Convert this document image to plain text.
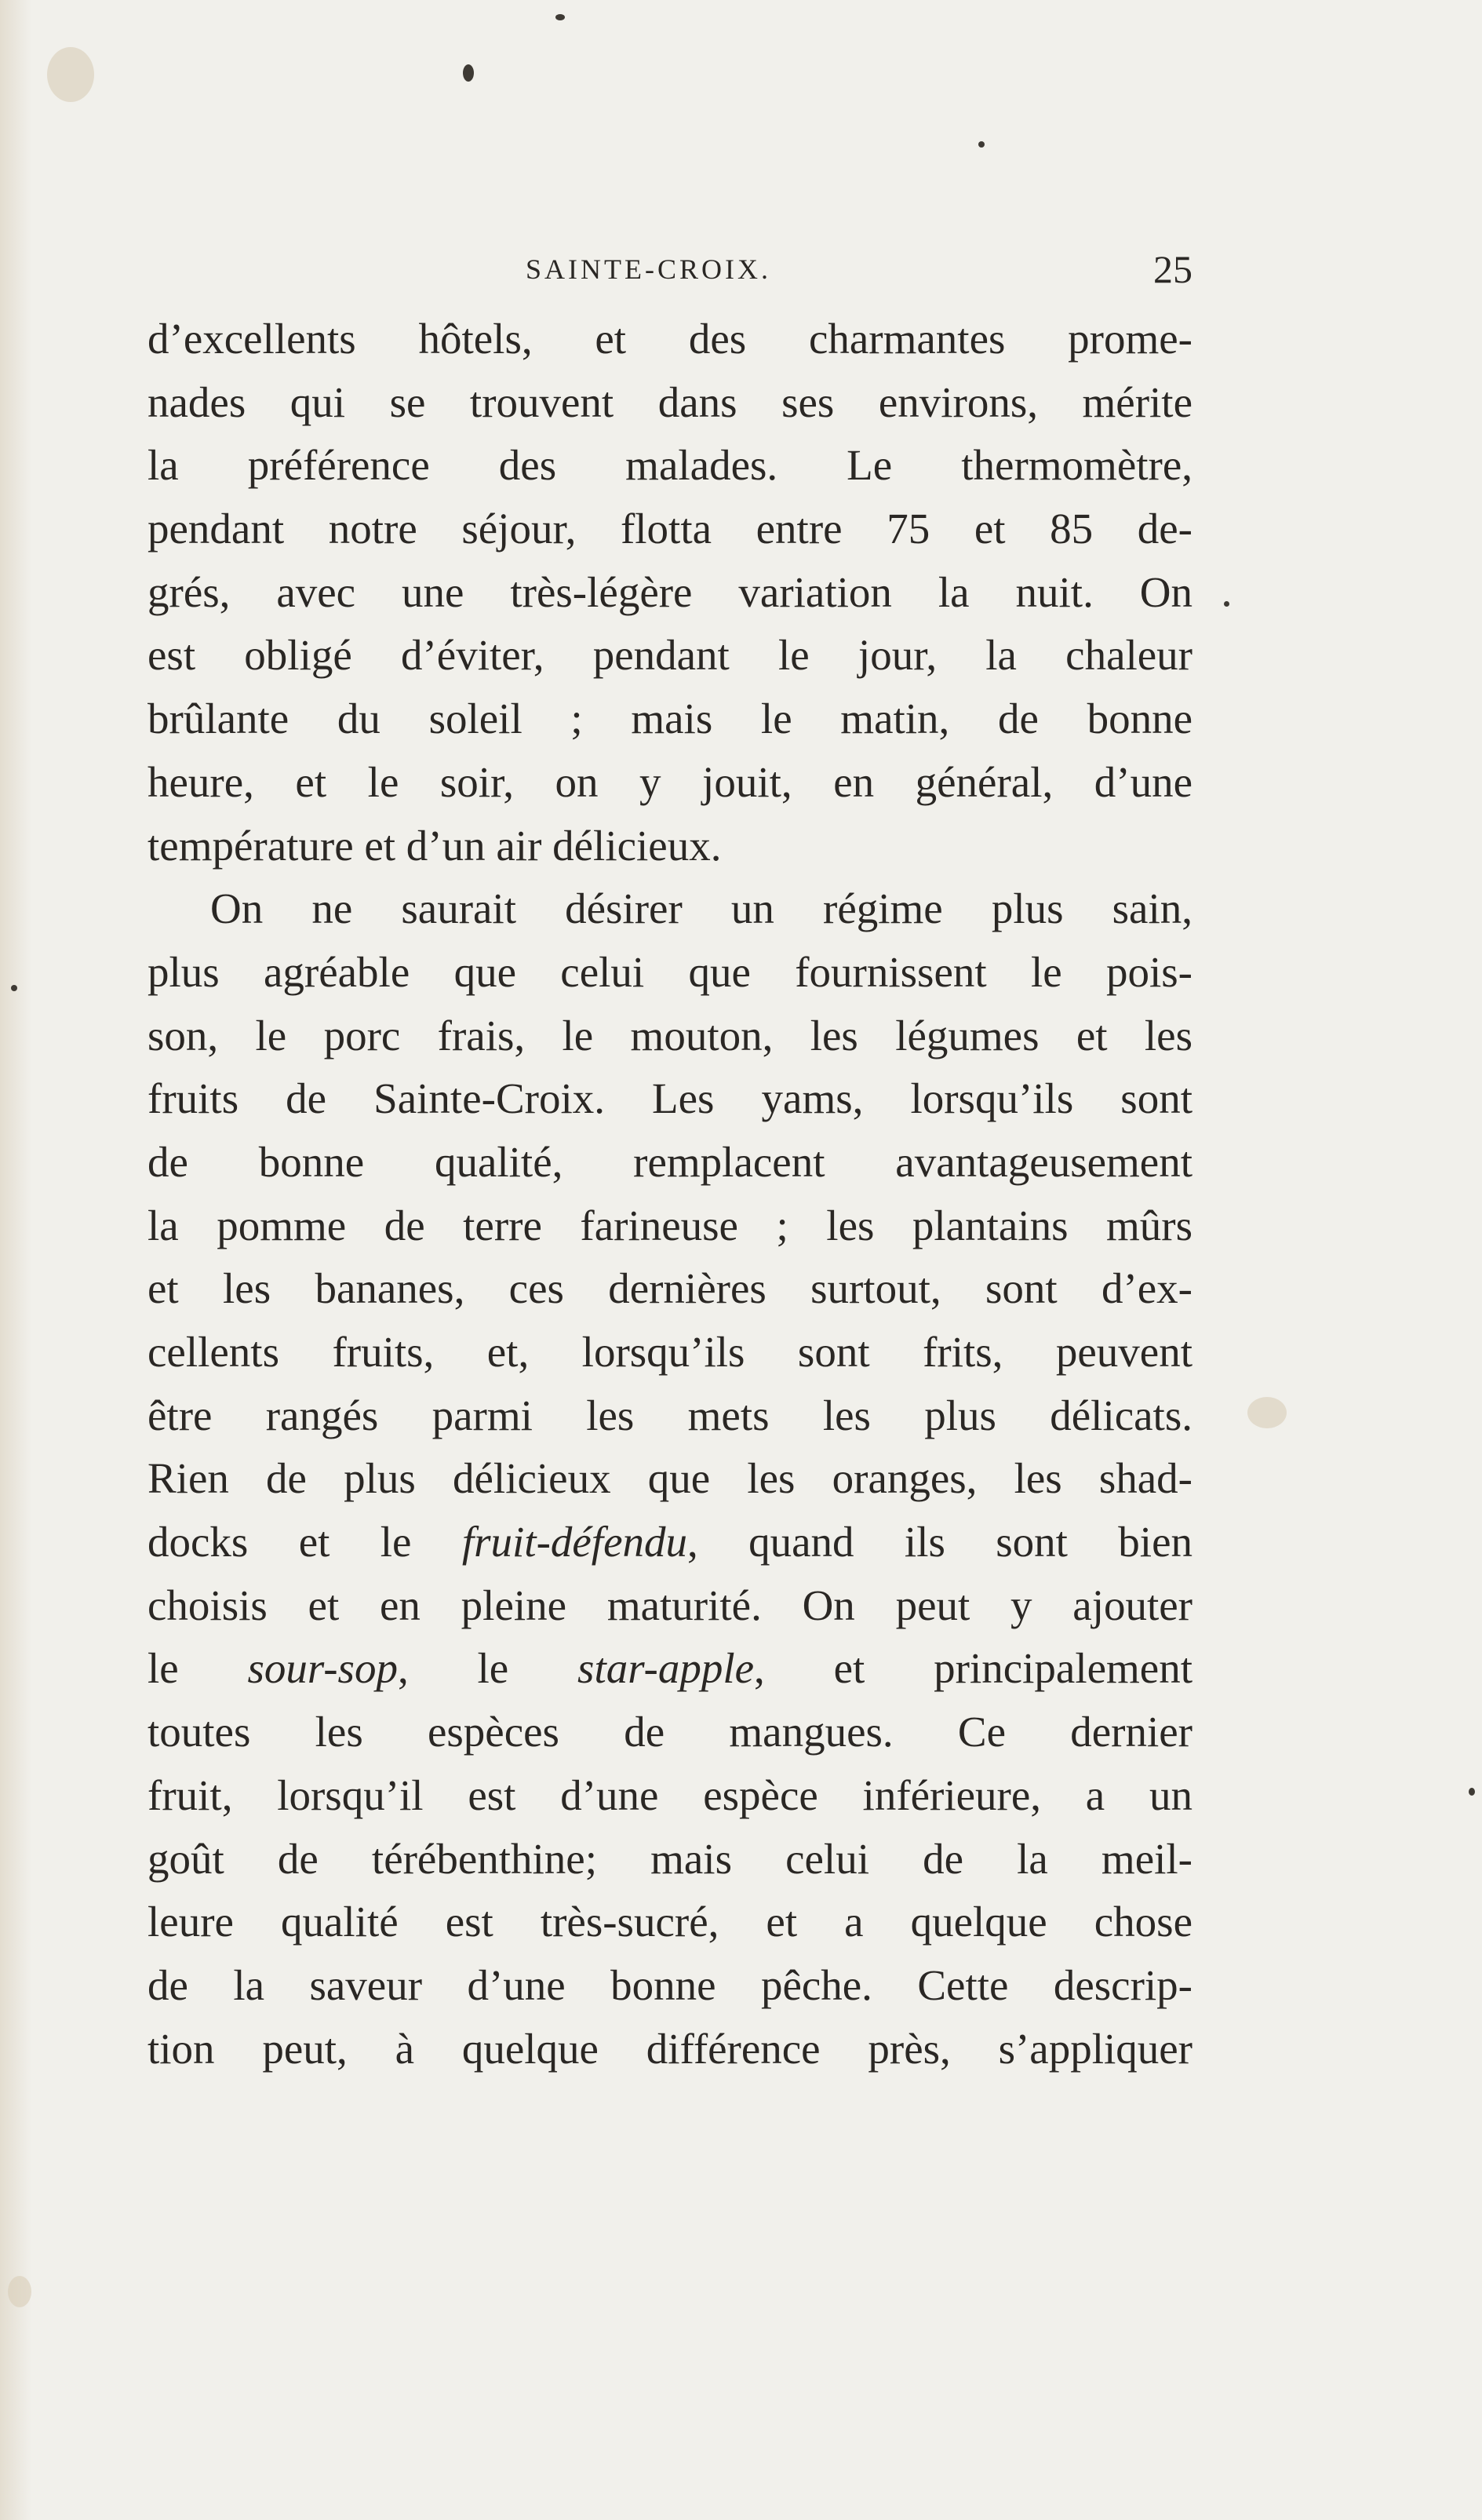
SAINTE-CROIX.	25
d’excellents hôtels, et des charmantes prome-
nades qui se trouvent dans ses environs, mérite
la préférence des malades. Le thermomètre,
pendant notre séjour, flotta entre 75 et 85 de-
grés, avec une très-légère variation la nuit. On
est obligé d’éviter, pendant le jour, la chaleur
brûlante du soleil ; mais le matin, de bonne
heure, et le soir, on y jouit, en général, d’une
température et d’un air délicieux.
On ne saurait désirer un régime plus sain,
plus agréable que celui que fournissent le pois-
son, le porc frais, le mouton, les légumes et les
fruits de Sainte-Croix. Les yams, lorsqu’ils sont
de bonne qualité, remplacent avantageusement
la pomme de terre farineuse ; les plantains mûrs
et les bananes, ces dernières surtout, sont d’ex-
cellents fruits, et, lorsqu’ils sont frits, peuvent
être rangés parmi les mets les plus délicats.
Rien de plus délicieux que les oranges, les shad-
docks et le fruit-défendu, quand ils sont bien
choisis et en pleine maturité. On peut y ajouter
le sour-sop, le star-apple, et principalement
toutes les espèces de mangues. Ce dernier
fruit, lorsqu’il est d’une espèce inférieure, a un
goût de térébenthine; mais celui de la meil-
leure qualité est très-sucré, et a quelque chose
de la saveur d’une bonne pêche. Cette descrip-
tion peut, à quelque différence près, s’appliquer
